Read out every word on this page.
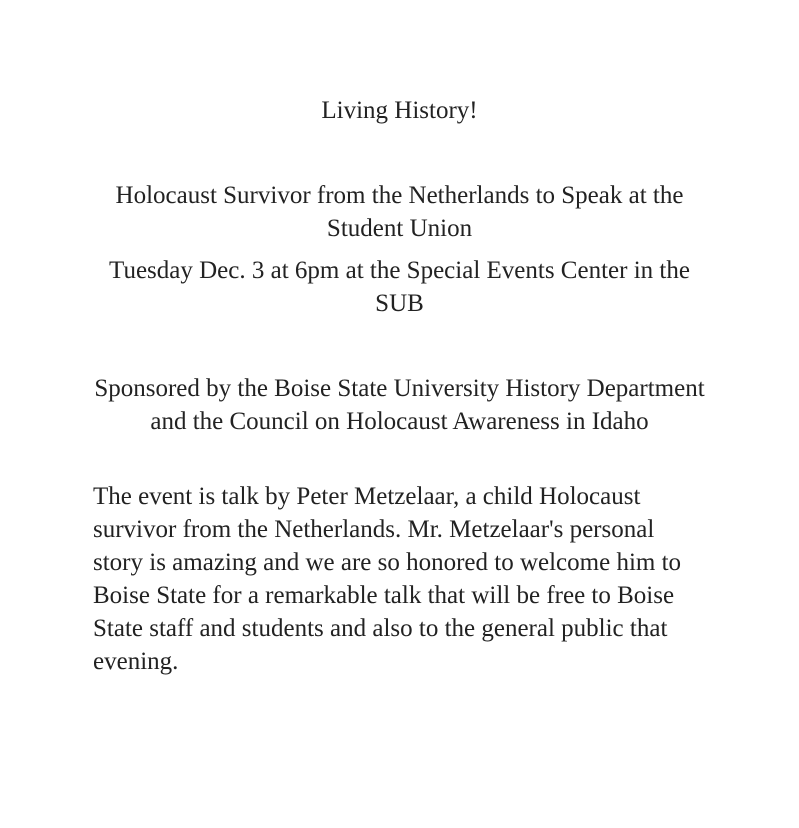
Living History!
Holocaust Survivor from the Netherlands to Speak at the Student Union

Tuesday Dec. 3 at 6pm at the Special Events Center in the SUB

Sponsored by the Boise State University History Department and the Council on Holocaust Awareness in Idaho

The event is talk by Peter Metzelaar, a child Holocaust survivor from the Netherlands. Mr. Metzelaar's personal story is amazing and we are so honored to welcome him to Boise State for a remarkable talk that will be free to Boise State staff and students and also to the general public that evening.
